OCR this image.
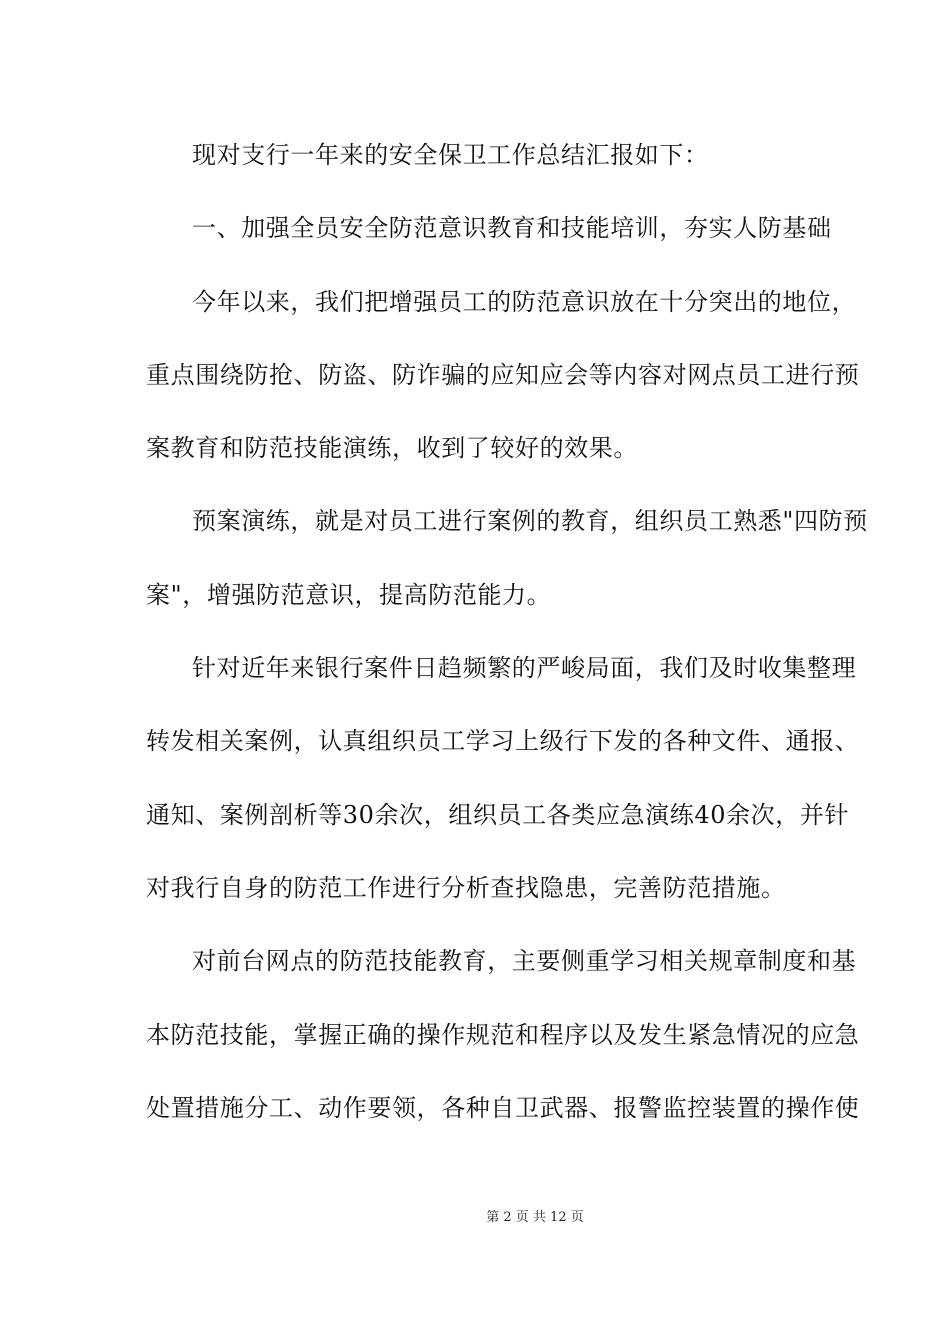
现对支行一年来的安全保卫工作总结汇报如下：
一、加强全员安全防范意识教育和技能培训，夯实人防基础
今年以来，我们把增强员工的防范意识放在十分突出的地位，
重点围绕防抢、防盗、防诈骗的应知应会等内容对网点员工进行预
案教育和防范技能演练，收到了较好的效果。
预案演练，就是对员工进行案例的教育，组织员工熟悉"四防预
案"，增强防范意识，提高防范能力。
针对近年来银行案件日趋频繁的严峻局面，我们及时收集整理
转发相关案例，认真组织员工学习上级行下发的各种文件、通报、
通知、案例剖析等30余次，组织员工各类应急演练40余次，并针
对我行自身的防范工作进行分析查找隐患，完善防范措施。
对前台网点的防范技能教育，主要侧重学习相关规章制度和基
本防范技能，掌握正确的操作规范和程序以及发生紧急情况的应急
处置措施分工、动作要领，各种自卫武器、报警监控装置的操作使
第 2 页 共 12 页
